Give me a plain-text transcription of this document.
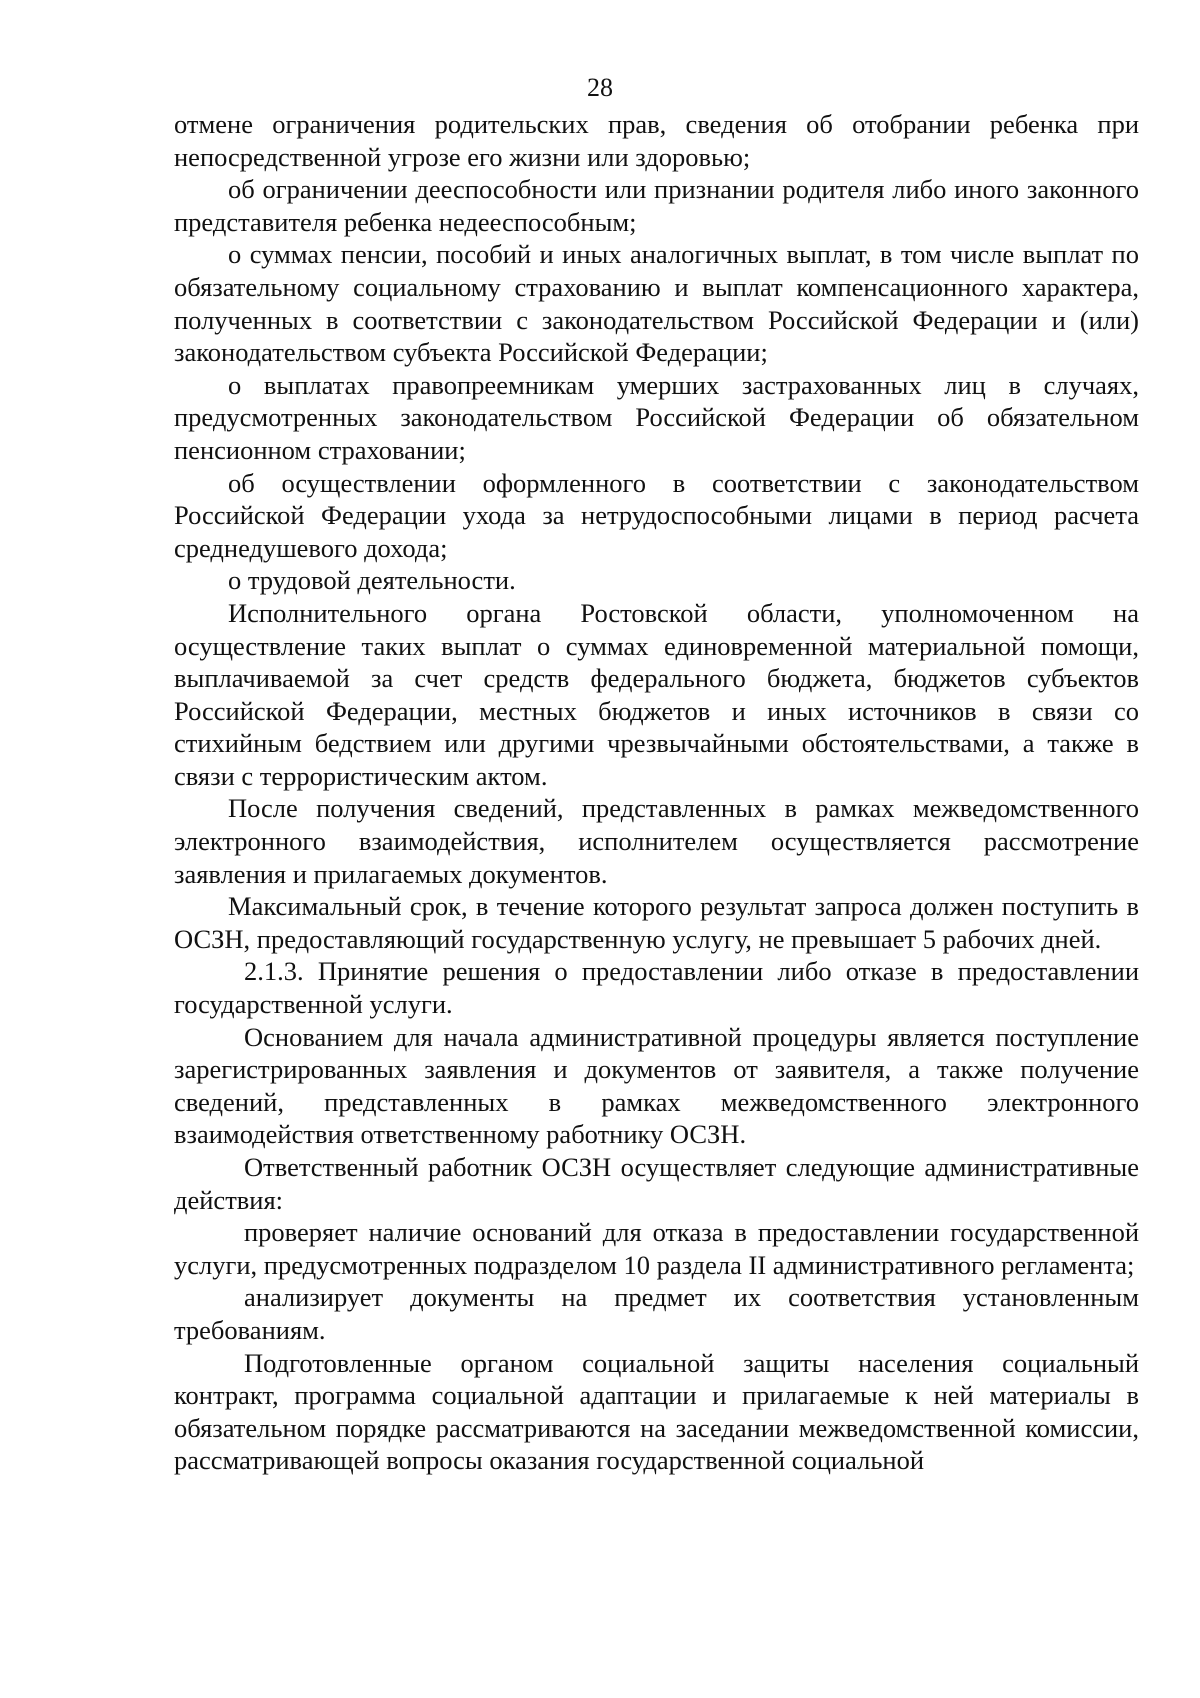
28

отмене ограничения родительских прав, сведения об отобрании ребенка при непосредственной угрозе его жизни или здоровью;

об ограничении дееспособности или признании родителя либо иного законного представителя ребенка недееспособным;

о суммах пенсии, пособий и иных аналогичных выплат, в том числе выплат по обязательному социальному страхованию и выплат компенсационного характера, полученных в соответствии с законодательством Российской Федерации и (или) законодательством субъекта Российской Федерации;

о выплатах правопреемникам умерших застрахованных лиц в случаях, предусмотренных законодательством Российской Федерации об обязательном пенсионном страховании;

об осуществлении оформленного в соответствии с законодательством Российской Федерации ухода за нетрудоспособными лицами в период расчета среднедушевого дохода;

о трудовой деятельности.

Исполнительного органа Ростовской области, уполномоченном на осуществление таких выплат о суммах единовременной материальной помощи, выплачиваемой за счет средств федерального бюджета, бюджетов субъектов Российской Федерации, местных бюджетов и иных источников в связи со стихийным бедствием или другими чрезвычайными обстоятельствами, а также в связи с террористическим актом.

После получения сведений, представленных в рамках межведомственного электронного взаимодействия, исполнителем осуществляется рассмотрение заявления и прилагаемых документов.

Максимальный срок, в течение которого результат запроса должен поступить в ОСЗН, предоставляющий государственную услугу, не превышает 5 рабочих дней.

2.1.3. Принятие решения о предоставлении либо отказе в предоставлении государственной услуги.

Основанием для начала административной процедуры является поступление зарегистрированных заявления и документов от заявителя, а также получение сведений, представленных в рамках межведомственного электронного взаимодействия ответственному работнику ОСЗН.

Ответственный работник ОСЗН осуществляет следующие административные действия:

проверяет наличие оснований для отказа в предоставлении государственной услуги, предусмотренных подразделом 10 раздела II административного регламента;

анализирует документы на предмет их соответствия установленным требованиям.

Подготовленные органом социальной защиты населения социальный контракт, программа социальной адаптации и прилагаемые к ней материалы в обязательном порядке рассматриваются на заседании межведомственной комиссии, рассматривающей вопросы оказания государственной социальной
